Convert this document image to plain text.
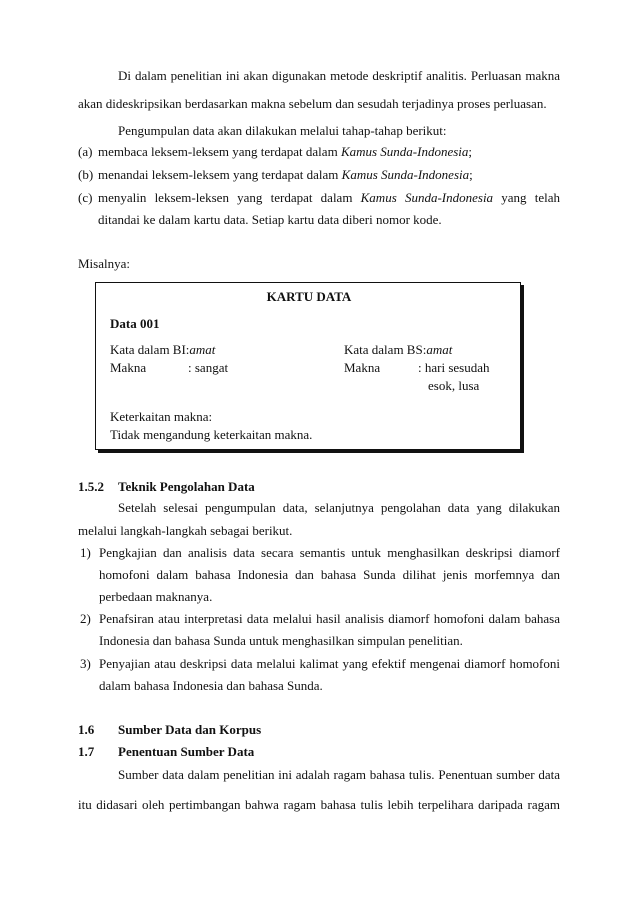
Di dalam penelitian ini akan digunakan metode deskriptif analitis. Perluasan makna
akan dideskripsikan berdasarkan makna sebelum dan sesudah terjadinya proses perluasan.
Pengumpulan data akan dilakukan melalui tahap-tahap berikut:
(a) membaca leksem-leksem yang terdapat dalam Kamus Sunda-Indonesia;
(b) menandai leksem-leksem yang terdapat dalam Kamus Sunda-Indonesia;
(c) menyalin leksem-leksen yang terdapat dalam Kamus Sunda-Indonesia yang telah
ditandai ke dalam kartu data. Setiap kartu data diberi nomor kode.
Misalnya:
KARTU DATA
Data 001
Kata dalam BI:amat	Kata dalam BS:amat
Makna	: sangat	Makna	: hari sesudah
esok, lusa
Keterkaitan makna:
Tidak mengandung keterkaitan makna.
1.5.2 Teknik Pengolahan Data
Setelah selesai pengumpulan data, selanjutnya pengolahan data yang dilakukan
melalui langkah-langkah sebagai berikut.
1) Pengkajian dan analisis data secara semantis untuk menghasilkan deskripsi diamorf
homofoni dalam bahasa Indonesia dan bahasa Sunda dilihat jenis morfemnya dan
perbedaan maknanya.
2) Penafsiran atau interpretasi data melalui hasil analisis diamorf homofoni dalam bahasa
Indonesia dan bahasa Sunda untuk menghasilkan simpulan penelitian.
3) Penyajian atau deskripsi data melalui kalimat yang efektif mengenai diamorf homofoni
dalam bahasa Indonesia dan bahasa Sunda.
1.6 Sumber Data dan Korpus
1.7 Penentuan Sumber Data
Sumber data dalam penelitian ini adalah ragam bahasa tulis. Penentuan sumber data
itu didasari oleh pertimbangan bahwa ragam bahasa tulis lebih terpelihara daripada ragam
